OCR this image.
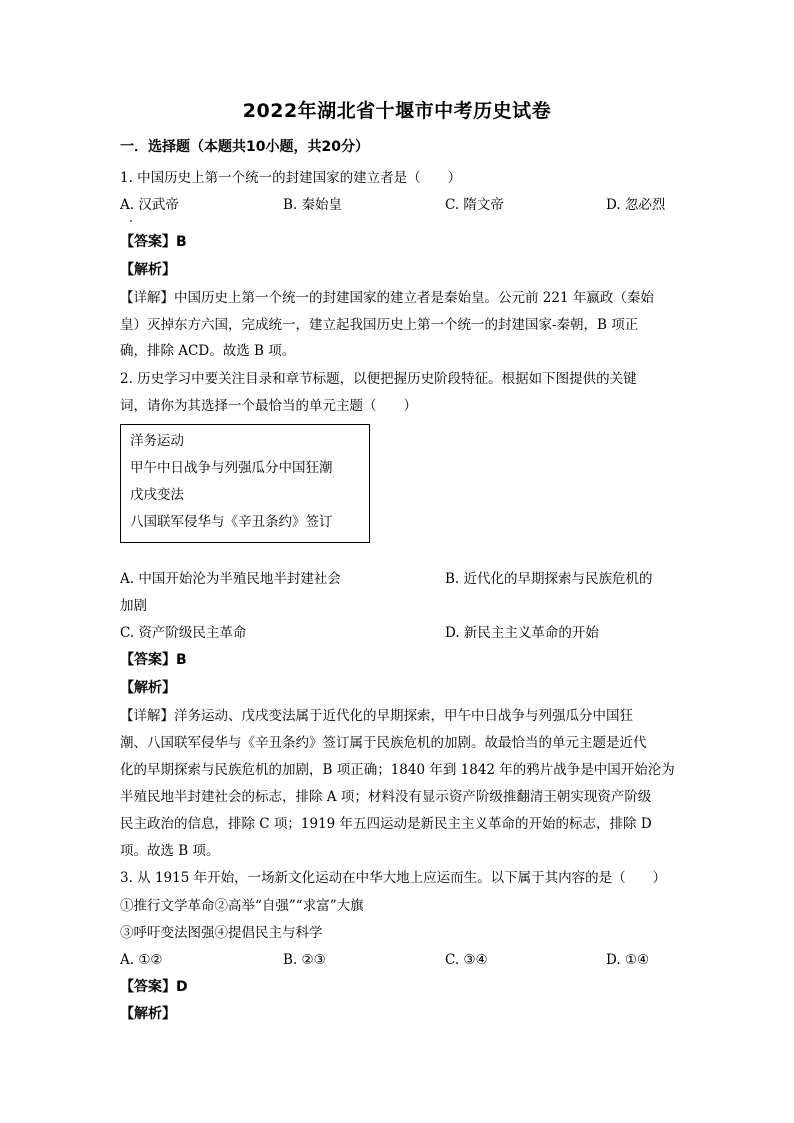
2022年湖北省十堰市中考历史试卷
一．选择题（本题共10小题，共20分）
1. 中国历史上第一个统一的封建国家的建立者是（　　）
A. 汉武帝	B. 秦始皇	C. 隋文帝	D. 忽必烈
【答案】B
【解析】
【详解】中国历史上第一个统一的封建国家的建立者是秦始皇。公元前 221 年嬴政（秦始
皇）灭掉东方六国，完成统一，建立起我国历史上第一个统一的封建国家-秦朝，B 项正
确，排除 ACD。故选 B 项。
2. 历史学习中要关注目录和章节标题，以便把握历史阶段特征。根据如下图提供的关键
词，请你为其选择一个最恰当的单元主题（　　）
洋务运动
甲午中日战争与列强瓜分中国狂潮
戊戌变法
八国联军侵华与《辛丑条约》签订
A. 中国开始沦为半殖民地半封建社会	B. 近代化的早期探索与民族危机的
加剧
C. 资产阶级民主革命	D. 新民主主义革命的开始
【答案】B
【解析】
【详解】洋务运动、戊戌变法属于近代化的早期探索，甲午中日战争与列强瓜分中国狂
潮、八国联军侵华与《辛丑条约》签订属于民族危机的加剧。故最恰当的单元主题是近代
化的早期探索与民族危机的加剧，B 项正确；1840 年到 1842 年的鸦片战争是中国开始沦为
半殖民地半封建社会的标志，排除 A 项；材料没有显示资产阶级推翻清王朝实现资产阶级
民主政治的信息，排除 C 项；1919 年五四运动是新民主主义革命的开始的标志，排除 D
项。故选 B 项。
3. 从 1915 年开始，一场新文化运动在中华大地上应运而生。以下属于其内容的是（　　）
①推行文学革命②高举“自强”“求富”大旗
③呼吁变法图强④提倡民主与科学
A. ①②	B. ②③	C. ③④	D. ①④
【答案】D
【解析】
